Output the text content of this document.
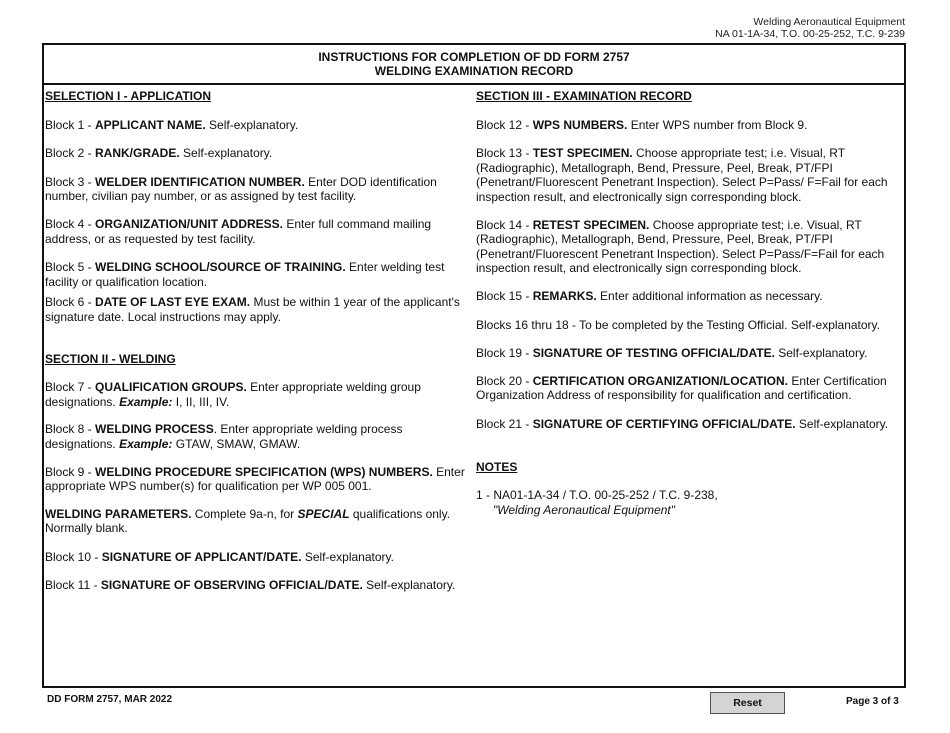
Welding Aeronautical Equipment
NA 01-1A-34, T.O. 00-25-252, T.C. 9-239
INSTRUCTIONS FOR COMPLETION OF DD FORM 2757
WELDING EXAMINATION RECORD

SELECTION I - APPLICATION

Block 1 - APPLICANT NAME. Self-explanatory.

Block 2 - RANK/GRADE. Self-explanatory.

Block 3 - WELDER IDENTIFICATION NUMBER. Enter DOD identification number, civilian pay number, or as assigned by test facility.

Block 4 - ORGANIZATION/UNIT ADDRESS. Enter full command mailing address, or as requested by test facility.

Block 5 - WELDING SCHOOL/SOURCE OF TRAINING. Enter welding test facility or qualification location.

Block 6 - DATE OF LAST EYE EXAM. Must be within 1 year of the applicant's signature date. Local instructions may apply.

SECTION II - WELDING

Block 7 - QUALIFICATION GROUPS. Enter appropriate welding group designations. Example: I, II, III, IV.

Block 8 - WELDING PROCESS. Enter appropriate welding process designations. Example: GTAW, SMAW, GMAW.

Block 9 - WELDING PROCEDURE SPECIFICATION (WPS) NUMBERS. Enter appropriate WPS number(s) for qualification per WP 005 001.

WELDING PARAMETERS. Complete 9a-n, for SPECIAL qualifications only. Normally blank.

Block 10 - SIGNATURE OF APPLICANT/DATE. Self-explanatory.

Block 11 - SIGNATURE OF OBSERVING OFFICIAL/DATE. Self-explanatory.

SECTION III - EXAMINATION RECORD

Block 12 - WPS NUMBERS. Enter WPS number from Block 9.

Block 13 - TEST SPECIMEN. Choose appropriate test; i.e. Visual, RT (Radiographic), Metallograph, Bend, Pressure, Peel, Break, PT/FPI (Penetrant/Fluorescent Penetrant Inspection). Select P=Pass/ F=Fail for each inspection result, and electronically sign corresponding block.

Block 14 - RETEST SPECIMEN. Choose appropriate test; i.e. Visual, RT (Radiographic), Metallograph, Bend, Pressure, Peel, Break, PT/FPI (Penetrant/Fluorescent Penetrant Inspection). Select P=Pass/F=Fail for each inspection result, and electronically sign corresponding block.

Block 15 - REMARKS. Enter additional information as necessary.

Blocks 16 thru 18 - To be completed by the Testing Official. Self-explanatory.

Block 19 - SIGNATURE OF TESTING OFFICIAL/DATE. Self-explanatory.

Block 20 - CERTIFICATION ORGANIZATION/LOCATION. Enter Certification Organization Address of responsibility for qualification and certification.

Block 21 - SIGNATURE OF CERTIFYING OFFICIAL/DATE. Self-explanatory.

NOTES

1 - NA01-1A-34 / T.O. 00-25-252 / T.C. 9-238,
"Welding Aeronautical Equipment"

DD FORM 2757, MAR 2022	Reset	Page 3 of 3
